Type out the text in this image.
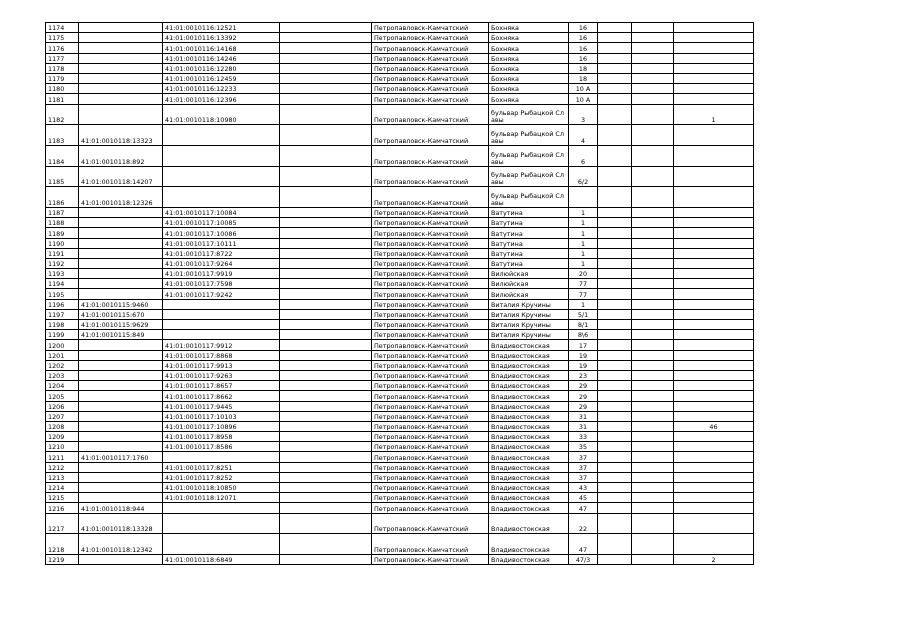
1174		41:01:0010116:12521		Петропавловск-Камчатский	Бохняка	16			
1175		41:01:0010116:13392		Петропавловск-Камчатский	Бохняка	16			
1176		41:01:0010116:14168		Петропавловск-Камчатский	Бохняка	16			
1177		41:01:0010116:14246		Петропавловск-Камчатский	Бохняка	16			
1178		41:01:0010116:12280		Петропавловск-Камчатский	Бохняка	18			
1179		41:01:0010116:12459		Петропавловск-Камчатский	Бохняка	18			
1180		41:01:0010116:12233		Петропавловск-Камчатский	Бохняка	10 А			
1181		41:01:0010116:12396		Петропавловск-Камчатский	Бохняка	10 А			
1182		41:01:0010118:10980		Петропавловск-Камчатский	бульвар Рыбацкой Славы	3			1
1183	41:01:0010118:13323			Петропавловск-Камчатский	бульвар Рыбацкой Славы	4			
1184	41:01:0010118:892			Петропавловск-Камчатский	бульвар Рыбацкой Славы	6			
1185	41:01:0010118:14207			Петропавловск-Камчатский	бульвар Рыбацкой Славы	6/2			
1186	41:01:0010118:12326			Петропавловск-Камчатский	бульвар Рыбацкой Славы				
1187		41:01:0010117:10084		Петропавловск-Камчатский	Ватутина	1			
1188		41:01:0010117:10085		Петропавловск-Камчатский	Ватутина	1			
1189		41:01:0010117:10086		Петропавловск-Камчатский	Ватутина	1			
1190		41:01:0010117:10111		Петропавловск-Камчатский	Ватутина	1			
1191		41:01:0010117:8722		Петропавловск-Камчатский	Ватутина	1			
1192		41:01:0010117:9264		Петропавловск-Камчатский	Ватутина	1			
1193		41:01:0010117:9919		Петропавловск-Камчатский	Вилюйская	20			
1194		41:01:0010117:7598		Петропавловск-Камчатский	Вилюйская	77			
1195		41:01:0010117:9242		Петропавловск-Камчатский	Вилюйская	77			
1196	41:01:0010115:9460			Петропавловск-Камчатский	Виталия Кручины	1			
1197	41:01:0010115:670			Петропавловск-Камчатский	Виталия Кручины	5/1			
1198	41:01:0010115:9629			Петропавловск-Камчатский	Виталия Кручины	8/1			
1199	41:01:0010115:849			Петропавловск-Камчатский	Виталия Кручины	8\6			
1200		41:01:0010117:9912		Петропавловск-Камчатский	Владивостокская	17			
1201		41:01:0010117:8868		Петропавловск-Камчатский	Владивостокская	19			
1202		41:01:0010117:9913		Петропавловск-Камчатский	Владивостокская	19			
1203		41:01:0010117:9263		Петропавловск-Камчатский	Владивостокская	23			
1204		41:01:0010117:8657		Петропавловск-Камчатский	Владивостокская	29			
1205		41:01:0010117:8662		Петропавловск-Камчатский	Владивостокская	29			
1206		41:01:0010117:9445		Петропавловск-Камчатский	Владивостокская	29			
1207		41:01:0010117:10103		Петропавловск-Камчатский	Владивостокская	31			
1208		41:01:0010117:10896		Петропавловск-Камчатский	Владивостокская	31			46
1209		41:01:0010117:8958		Петропавловск-Камчатский	Владивостокская	33			
1210		41:01:0010117:8586		Петропавловск-Камчатский	Владивостокская	35			
1211	41:01:0010117:1760			Петропавловск-Камчатский	Владивостокская	37			
1212		41:01:0010117:8251		Петропавловск-Камчатский	Владивостокская	37			
1213		41:01:0010117:8252		Петропавловск-Камчатский	Владивостокская	37			
1214		41:01:0010118:10850		Петропавловск-Камчатский	Владивостокская	43			
1215		41:01:0010118:12071		Петропавловск-Камчатский	Владивостокская	45			
1216	41:01:0010118:944			Петропавловск-Камчатский	Владивостокская	47			
1217	41:01:0010118:13328			Петропавловск-Камчатский	Владивостокская	22			
1218	41:01:0010118:12342			Петропавловск-Камчатский	Владивостокская	47			
1219		41:01:0010118:6849		Петропавловск-Камчатский	Владивостокская	47/3			2
